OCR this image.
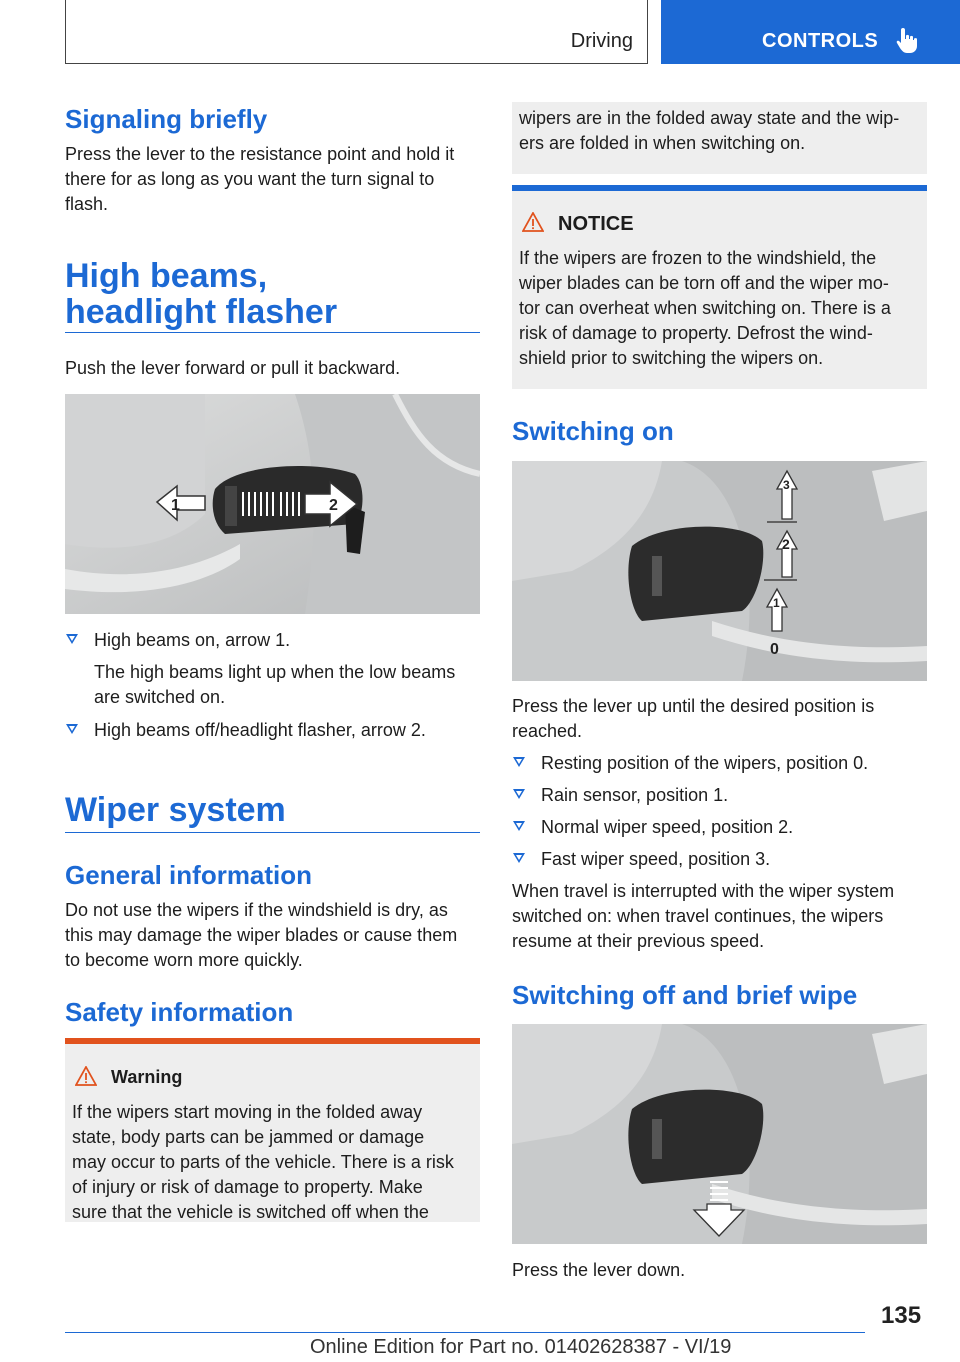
Driving	CONTROLS
Signaling briefly

Press the lever to the resistance point and hold it

there for as long as you want the turn signal to

flash.

High beams,
headlight flasher

Push the lever forward or pull it backward.

1	2
High beams on, arrow 1.
The high beams light up when the low beams
are switched on.
High beams off/headlight flasher, arrow 2.
Wiper system
General information

Do not use the wipers if the windshield is dry, as

this may damage the wiper blades or cause them

to become worn more quickly.

Safety information
Warning
If the wipers start moving in the folded away
state, body parts can be jammed or damage
may occur to parts of the vehicle. There is a risk
of injury or risk of damage to property. Make
sure that the vehicle is switched off when the
wipers are in the folded away state and the wip‐
ers are folded in when switching on.
NOTICE
If the wipers are frozen to the windshield, the
wiper blades can be torn off and the wiper mo‐
tor can overheat when switching on. There is a
risk of damage to property. Defrost the wind‐
shield prior to switching the wipers on.
Switching on
3
2
1
0

Press the lever up until the desired position is

reached.

Resting position of the wipers, position 0.
Rain sensor, position 1.
Normal wiper speed, position 2.
Fast wiper speed, position 3.

When travel is interrupted with the wiper system

switched on: when travel continues, the wipers

resume at their previous speed.

Switching off and brief wipe

Press the lever down.

135
Online Edition for Part no. 01402628387 - VI/19
